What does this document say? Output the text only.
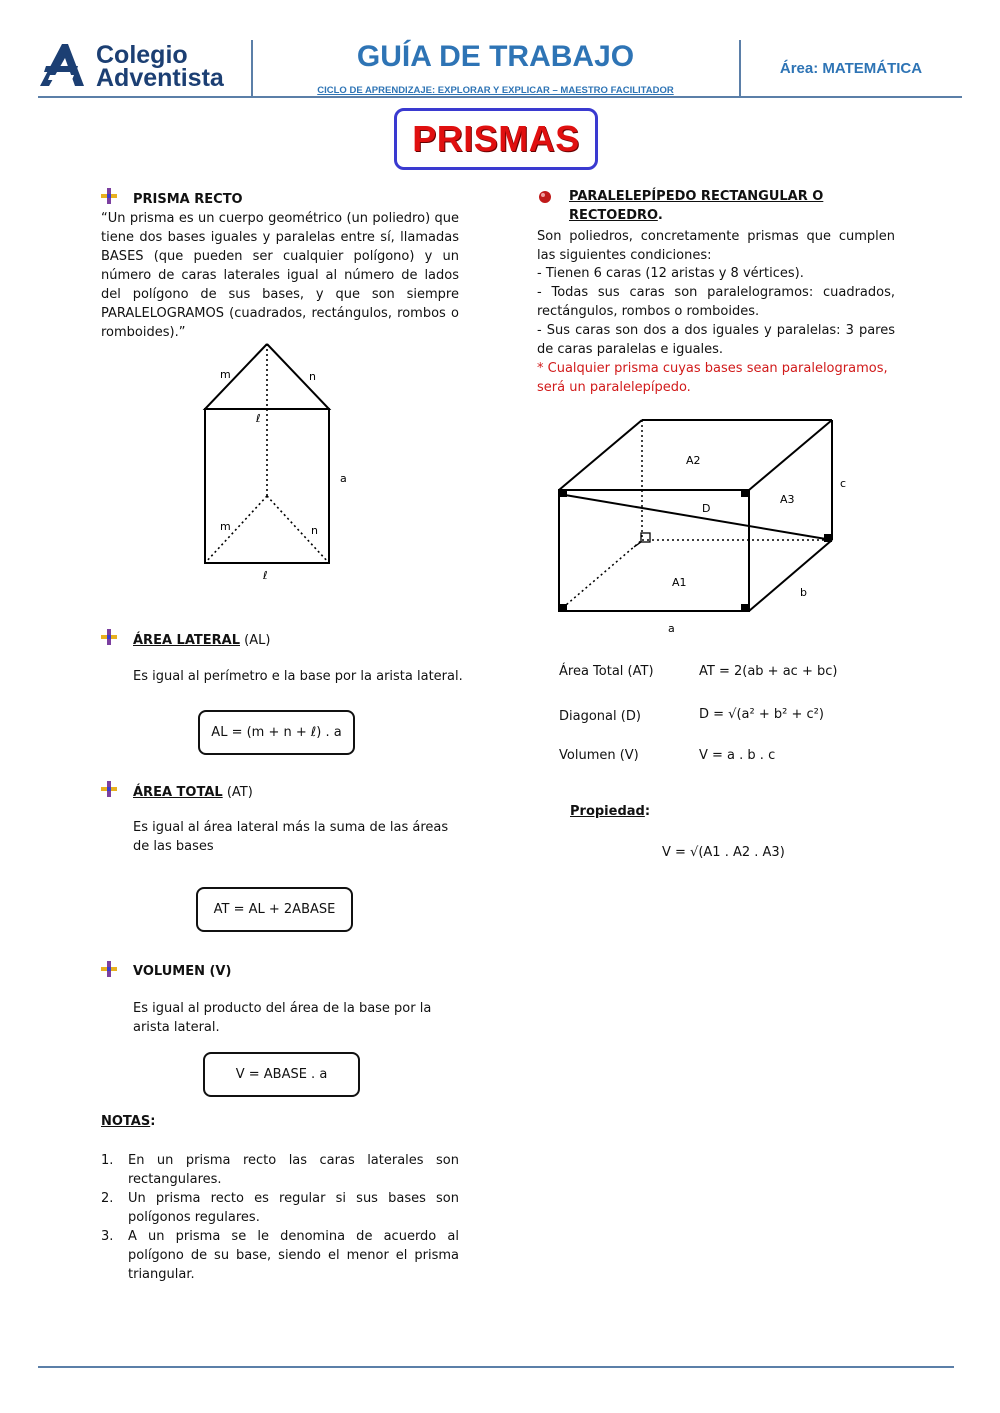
Colegio
Adventista
GUÍA DE TRABAJO
CICLO DE APRENDIZAJE: EXPLORAR Y EXPLICAR – MAESTRO FACILITADOR
Área: MATEMÁTICA
PRISMAS
PRISMA RECTO
“Un prisma es un cuerpo geométrico (un poliedro) que tiene dos bases iguales y paralelas entre sí, llamadas BASES (que pueden ser cualquier polígono) y un número de caras laterales igual al número de lados del polígono de sus bases, y que son siempre PARALELOGRAMOS (cuadrados, rectángulos, rombos o romboides).”
m	n
ℓ
a
m	n
ℓ
ÁREA LATERAL (AL)
Es igual al perímetro e la base por la arista lateral.
AL = (m + n + ℓ) . a
ÁREA TOTAL (AT)
Es igual al área lateral más la suma de las áreas de las bases
AT = AL + 2ABASE
VOLUMEN (V)
Es igual al producto del área de la base por la arista lateral.
V = ABASE . a
NOTAS:
1. En un prisma recto las caras laterales son rectangulares.
2. Un prisma recto es regular si sus bases son polígonos regulares.
3. A un prisma se le denomina de acuerdo al polígono de su base, siendo el menor el prisma triangular.
PARALELEPÍPEDO RECTANGULAR O
RECTOEDRO.
Son poliedros, concretamente prismas que cumplen las siguientes condiciones:
- Tienen 6 caras (12 aristas y 8 vértices).
- Todas sus caras son paralelogramos: cuadrados, rectángulos, rombos o romboides.
- Sus caras son dos a dos iguales y paralelas: 3 pares de caras paralelas e iguales.
* Cualquier prisma cuyas bases sean paralelogramos, será un paralelepípedo.
A2
A3
c
D
A1
b
a
Área Total (AT)	AT = 2(ab + ac + bc)
Diagonal (D)	D = √(a² + b² + c²)
Volumen (V)	V = a . b . c
Propiedad:
V = √(A1 . A2 . A3)
